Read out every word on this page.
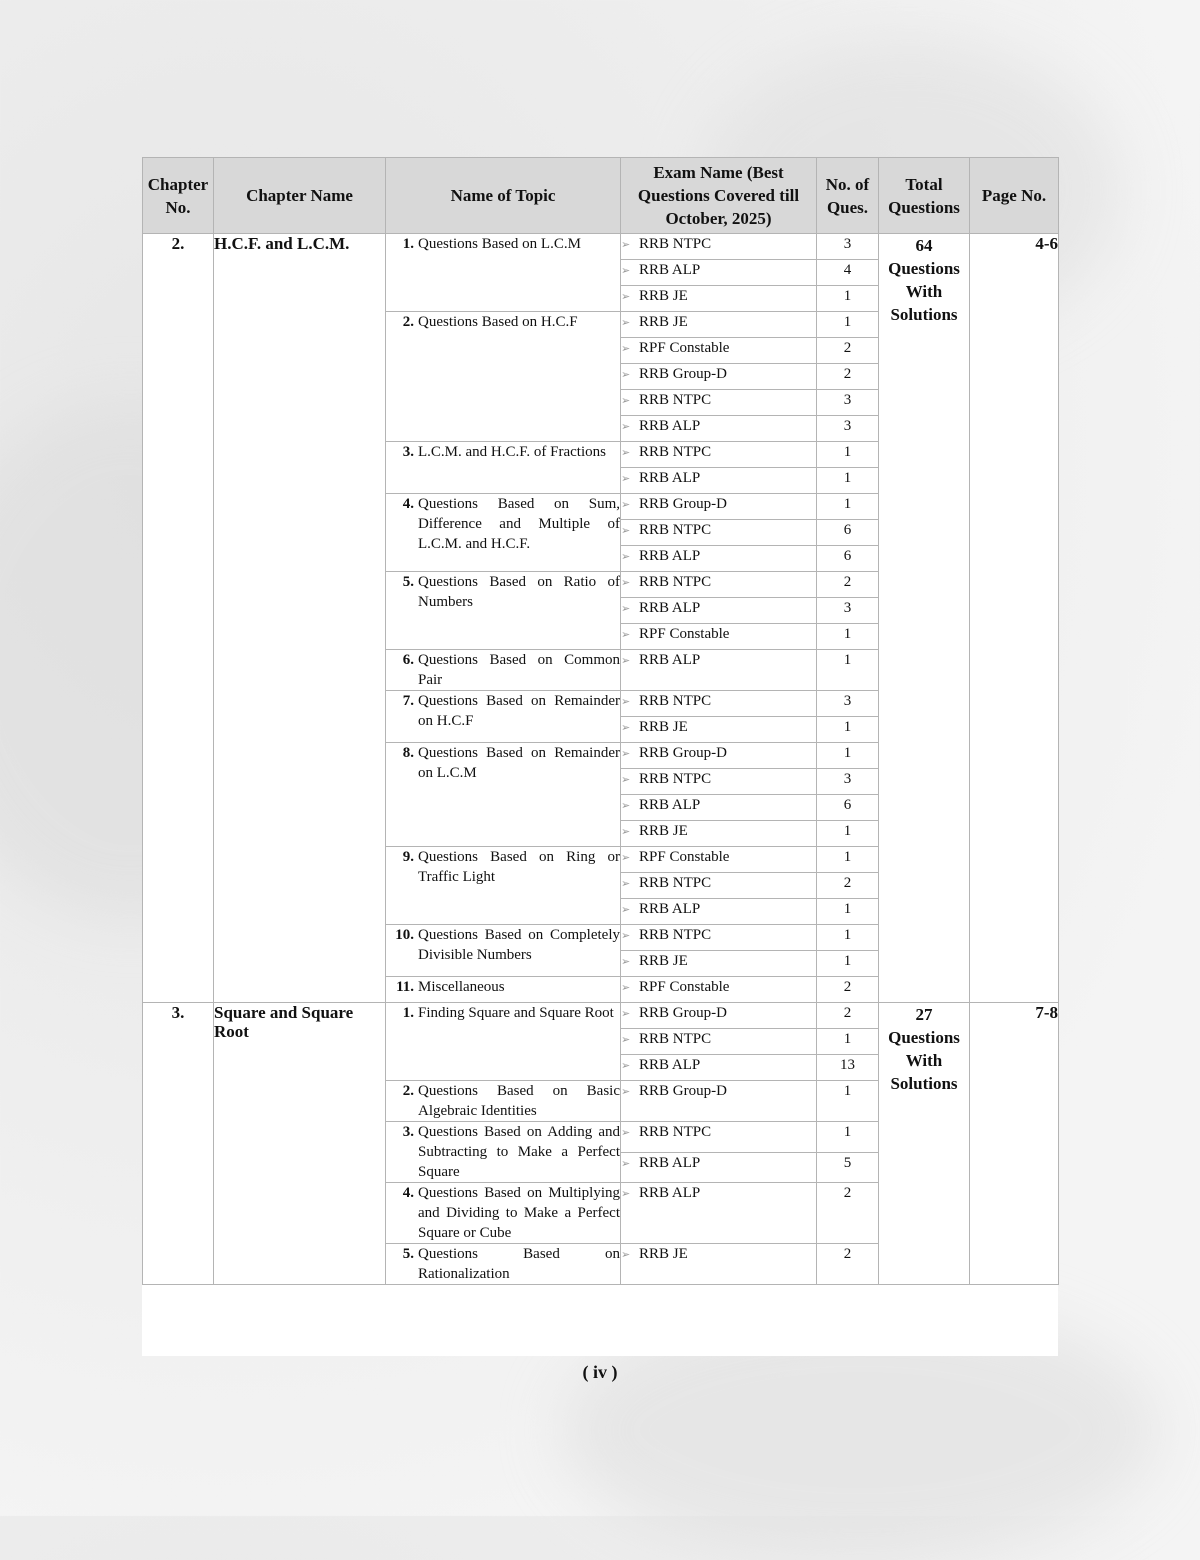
Chapter No.	Chapter Name	Name of Topic	Exam Name (Best Questions Covered till October, 2025)	No. of Ques.	Total Questions	Page No.
2.	H.C.F. and L.C.M.	1. Questions Based on L.C.M	➢ RRB NTPC	3	64 Questions With Solutions	4-6
			➢ RRB ALP	4		
			➢ RRB JE	1		

		2. Questions Based on H.C.F	➢ RRB JE	1		
			➢ RPF Constable	2		
			➢ RRB Group-D	2		
			➢ RRB NTPC	3		
			➢ RRB ALP	3		

		3. L.C.M. and H.C.F. of Fractions	➢ RRB NTPC	1		
			➢ RRB ALP	1		

		4. Questions Based on Sum, Difference and Multiple of L.C.M. and H.C.F.	➢ RRB Group-D	1		
			➢ RRB NTPC	6		
			➢ RRB ALP	6		

		5. Questions Based on Ratio of Numbers	➢ RRB NTPC	2		
			➢ RRB ALP	3		
			➢ RPF Constable	1		

		6. Questions Based on Common Pair	➢ RRB ALP	1		

		7. Questions Based on Remainder on H.C.F	➢ RRB NTPC	3		
			➢ RRB JE	1		

		8. Questions Based on Remainder on L.C.M	➢ RRB Group-D	1		
			➢ RRB NTPC	3		
			➢ RRB ALP	6		
			➢ RRB JE	1		

		9. Questions Based on Ring or Traffic Light	➢ RPF Constable	1		
			➢ RRB NTPC	2		
			➢ RRB ALP	1		

		10. Questions Based on Completely Divisible Numbers	➢ RRB NTPC	1		
			➢ RRB JE	1		

		11. Miscellaneous	➢ RPF Constable	2		
3.	Square and Square Root	1. Finding Square and Square Root	➢ RRB Group-D	2	27 Questions With Solutions	7-8
			➢ RRB NTPC	1		
			➢ RRB ALP	13		

		2. Questions Based on Basic Algebraic Identities	➢ RRB Group-D	1		

		3. Questions Based on Adding and Subtracting to Make a Perfect Square	➢ RRB NTPC	1		
			➢ RRB ALP	5		

		4. Questions Based on Multiplying and Dividing to Make a Perfect Square or Cube	➢ RRB ALP	2		

		5. Questions Based on Rationalization	➢ RRB JE	2		
( iv )
